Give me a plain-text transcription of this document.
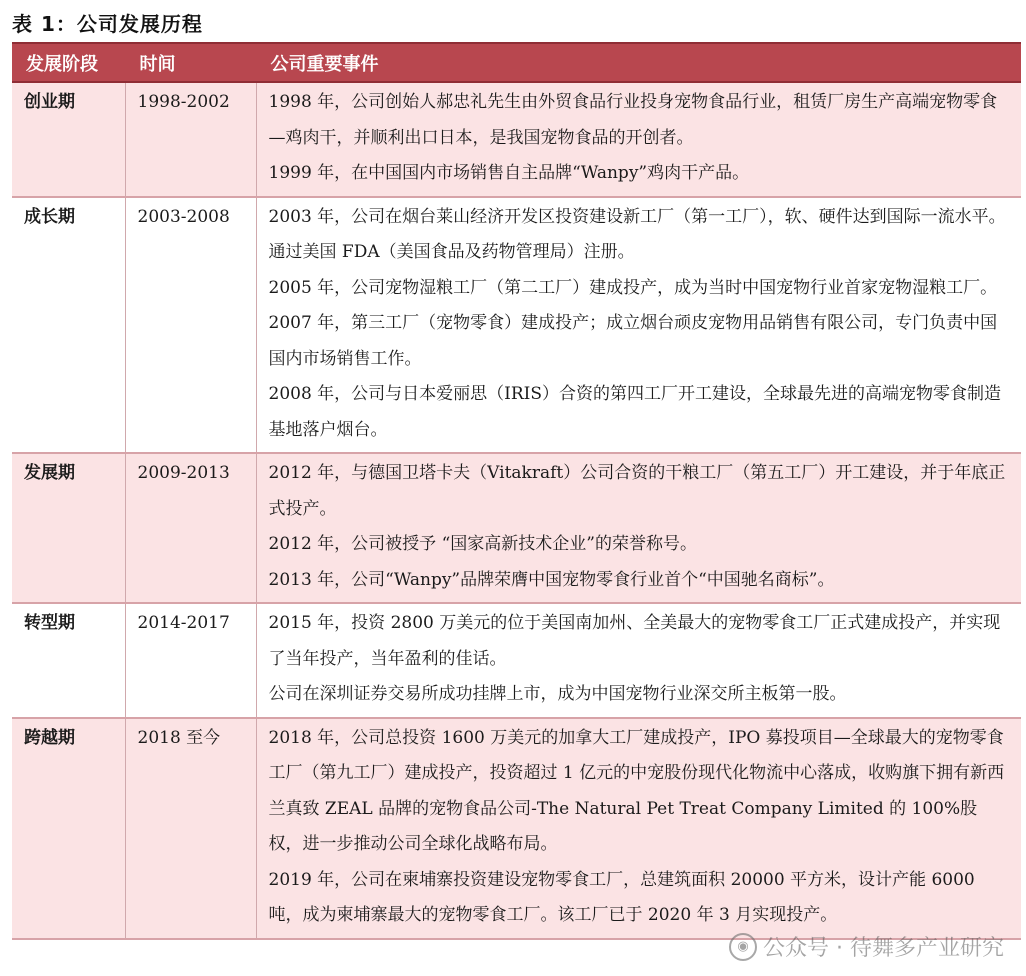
表 1：公司发展历程
发展阶段	时间	公司重要事件
创业期	1998-2002	1998 年，公司创始人郝忠礼先生由外贸食品行业投身宠物食品行业，租赁厂房生产高端宠物零食—鸡肉干，并顺利出口日本，是我国宠物食品的开创者。
1999 年，在中国国内市场销售自主品牌“Wanpy”鸡肉干产品。

成长期	2003-2008	2003 年，公司在烟台莱山经济开发区投资建设新工厂（第一工厂），软、硬件达到国际一流水平。通过美国 FDA（美国食品及药物管理局）注册。
2005 年，公司宠物湿粮工厂（第二工厂）建成投产，成为当时中国宠物行业首家宠物湿粮工厂。
2007 年，第三工厂（宠物零食）建成投产；成立烟台顽皮宠物用品销售有限公司，专门负责中国国内市场销售工作。
2008 年，公司与日本爱丽思（IRIS）合资的第四工厂开工建设，全球最先进的高端宠物零食制造基地落户烟台。

发展期	2009-2013	2012 年，与德国卫塔卡夫（Vitakraft）公司合资的干粮工厂（第五工厂）开工建设，并于年底正式投产。
2012 年，公司被授予 “国家高新技术企业”的荣誉称号。
2013 年，公司“Wanpy”品牌荣膺中国宠物零食行业首个“中国驰名商标”。

转型期	2014-2017	2015 年，投资 2800 万美元的位于美国南加州、全美最大的宠物零食工厂正式建成投产，并实现了当年投产，当年盈利的佳话。
公司在深圳证券交易所成功挂牌上市，成为中国宠物行业深交所主板第一股。

跨越期	2018 至今	2018 年，公司总投资 1600 万美元的加拿大工厂建成投产，IPO 募投项目—全球最大的宠物零食工厂（第九工厂）建成投产，投资超过 1 亿元的中宠股份现代化物流中心落成，收购旗下拥有新西兰真致 ZEAL 品牌的宠物食品公司-The Natural Pet Treat Company Limited 的 100%股权，进一步推动公司全球化战略布局。
2019 年，公司在柬埔寨投资建设宠物零食工厂，总建筑面积 20000 平方米，设计产能 6000 吨，成为柬埔寨最大的宠物零食工厂。该工厂已于 2020 年 3 月实现投产。
◉ 公众号 · 待舞多产业研究
